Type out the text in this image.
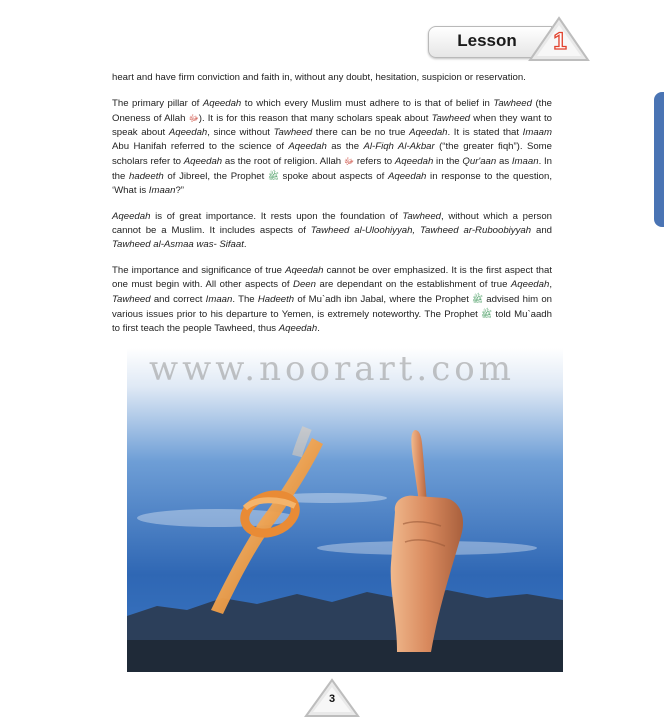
Lesson	1

heart and have firm conviction and faith in, without any doubt, hesitation, suspicion or reservation.

The primary pillar of Aqeedah to which every Muslim must adhere to is that of belief in Tawheed (the Oneness of Allah ﷻ). It is for this reason that many scholars speak about Tawheed when they want to speak about Aqeedah, since without Tawheed there can be no true Aqeedah. It is stated that Imaam Abu Hanifah referred to the science of Aqeedah as the Al-Fiqh Al-Akbar (“the greater fiqh”). Some scholars refer to Aqeedah as the root of religion. Allah ﷻ refers to Aqeedah in the Qur'aan as Imaan. In the hadeeth of Jibreel, the Prophet ﷺ spoke about aspects of Aqeedah in response to the question, ‘What is Imaan?”

Aqeedah is of great importance. It rests upon the foundation of Tawheed, without which a person cannot be a Muslim. It includes aspects of Tawheed al-Uloohiyyah, Tawheed ar-Ruboobiyyah and Tawheed al-Asmaa was- Sifaat.

The importance and significance of true Aqeedah cannot be over emphasized. It is the first aspect that one must begin with. All other aspects of Deen are dependant on the establishment of true Aqeedah, Tawheed and correct Imaan. The Hadeeth of Mu`adh ibn Jabal, where the Prophet ﷺ advised him on various issues prior to his departure to Yemen, is extremely noteworthy. The Prophet ﷺ told Mu`aadh to first teach the people Tawheed, thus Aqeedah.

www.noorart.com
3
